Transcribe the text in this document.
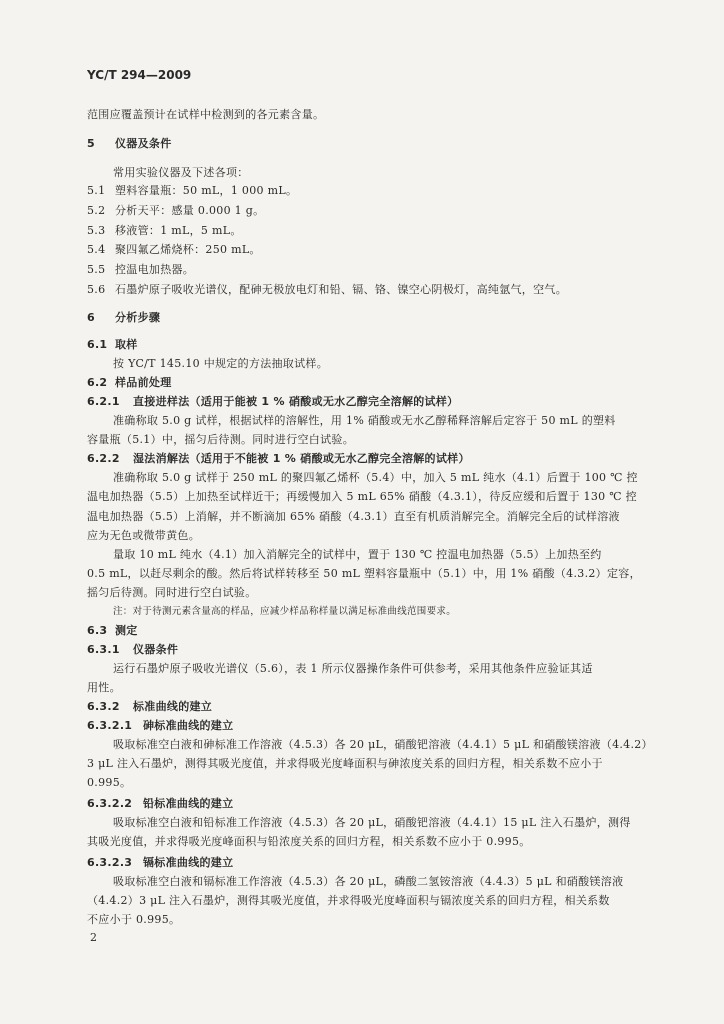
YC/T 294—2009
范围应覆盖预计在试样中检测到的各元素含量。
5 仪器及条件
常用实验仪器及下述各项：
5.1 塑料容量瓶：50 mL，1 000 mL。
5.2 分析天平：感量 0.000 1 g。
5.3 移液管：1 mL，5 mL。
5.4 聚四氟乙烯烧杯：250 mL。
5.5 控温电加热器。
5.6 石墨炉原子吸收光谱仪，配砷无极放电灯和铅、镉、铬、镍空心阴极灯，高纯氩气，空气。
6 分析步骤
6.1 取样
按 YC/T 145.10 中规定的方法抽取试样。
6.2 样品前处理
6.2.1 直接进样法（适用于能被 1 % 硝酸或无水乙醇完全溶解的试样）
准确称取 5.0 g 试样，根据试样的溶解性，用 1% 硝酸或无水乙醇稀释溶解后定容于 50 mL 的塑料
容量瓶（5.1）中，摇匀后待测。同时进行空白试验。
6.2.2 湿法消解法（适用于不能被 1 % 硝酸或无水乙醇完全溶解的试样）
准确称取 5.0 g 试样于 250 mL 的聚四氟乙烯杯（5.4）中，加入 5 mL 纯水（4.1）后置于 100 ℃ 控
温电加热器（5.5）上加热至试样近干；再缓慢加入 5 mL 65% 硝酸（4.3.1），待反应缓和后置于 130 ℃ 控
温电加热器（5.5）上消解，并不断滴加 65% 硝酸（4.3.1）直至有机质消解完全。消解完全后的试样溶液
应为无色或微带黄色。
量取 10 mL 纯水（4.1）加入消解完全的试样中，置于 130 ℃ 控温电加热器（5.5）上加热至约
0.5 mL，以赶尽剩余的酸。然后将试样转移至 50 mL 塑料容量瓶中（5.1）中，用 1% 硝酸（4.3.2）定容，
摇匀后待测。同时进行空白试验。
注：对于待测元素含量高的样品，应减少样品称样量以满足标准曲线范围要求。
6.3 测定
6.3.1 仪器条件
运行石墨炉原子吸收光谱仪（5.6），表 1 所示仪器操作条件可供参考，采用其他条件应验证其适
用性。
6.3.2 标准曲线的建立
6.3.2.1 砷标准曲线的建立
吸取标准空白液和砷标准工作溶液（4.5.3）各 20 μL，硝酸钯溶液（4.4.1）5 μL 和硝酸镁溶液（4.4.2）
3 μL 注入石墨炉，测得其吸光度值，并求得吸光度峰面积与砷浓度关系的回归方程，相关系数不应小于
0.995。
6.3.2.2 铅标准曲线的建立
吸取标准空白液和铅标准工作溶液（4.5.3）各 20 μL，硝酸钯溶液（4.4.1）15 μL 注入石墨炉，测得
其吸光度值，并求得吸光度峰面积与铅浓度关系的回归方程，相关系数不应小于 0.995。
6.3.2.3 镉标准曲线的建立
吸取标准空白液和镉标准工作溶液（4.5.3）各 20 μL，磷酸二氢铵溶液（4.4.3）5 μL 和硝酸镁溶液
（4.4.2）3 μL 注入石墨炉，测得其吸光度值，并求得吸光度峰面积与镉浓度关系的回归方程，相关系数
不应小于 0.995。
2
